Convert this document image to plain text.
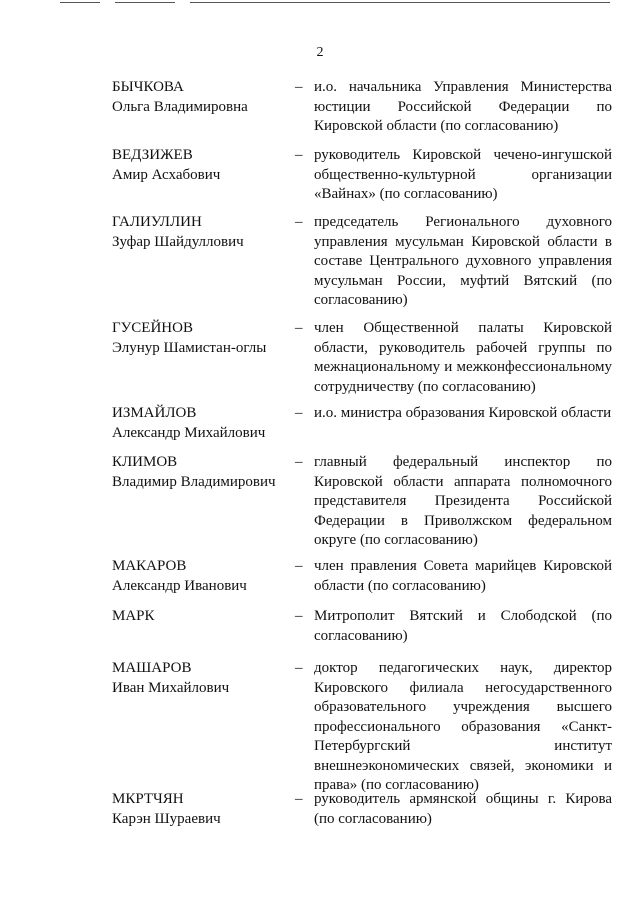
2
БЫЧКОВА
Ольга Владимировна
– и.о. начальника Управления Министерства юстиции Российской Федерации по Кировской области (по согласованию)
ВЕДЗИЖЕВ
Амир Асхабович
– руководитель Кировской чечено-ингушской общественно-культурной организации «Вайнах» (по согласованию)
ГАЛИУЛЛИН
Зуфар Шайдуллович
– председатель Регионального духовного управления мусульман Кировской области в составе Центрального духовного управления мусульман России, муфтий Вятский (по согласованию)
ГУСЕЙНОВ
Элунур Шамистан-оглы
– член Общественной палаты Кировской области, руководитель рабочей группы по межнациональному и межконфессиональному сотрудничеству (по согласованию)
ИЗМАЙЛОВ
Александр Михайлович
– и.о. министра образования Кировской области
КЛИМОВ
Владимир Владимирович
– главный федеральный инспектор по Кировской области аппарата полномочного представителя Президента Российской Федерации в Приволжском федеральном округе (по согласованию)
МАКАРОВ
Александр Иванович
– член правления Совета марийцев Кировской области (по согласованию)
МАРК	– Митрополит Вятский и Слободской (по согласованию)
МАШАРОВ
Иван Михайлович
– доктор педагогических наук, директор Кировского филиала негосударственного образовательного учреждения высшего профессионального образования «Санкт-Петербургский институт внешнеэкономических связей, экономики и права» (по согласованию)
МКРТЧЯН
Карэн Шураевич
– руководитель армянской общины г. Кирова (по согласованию)
